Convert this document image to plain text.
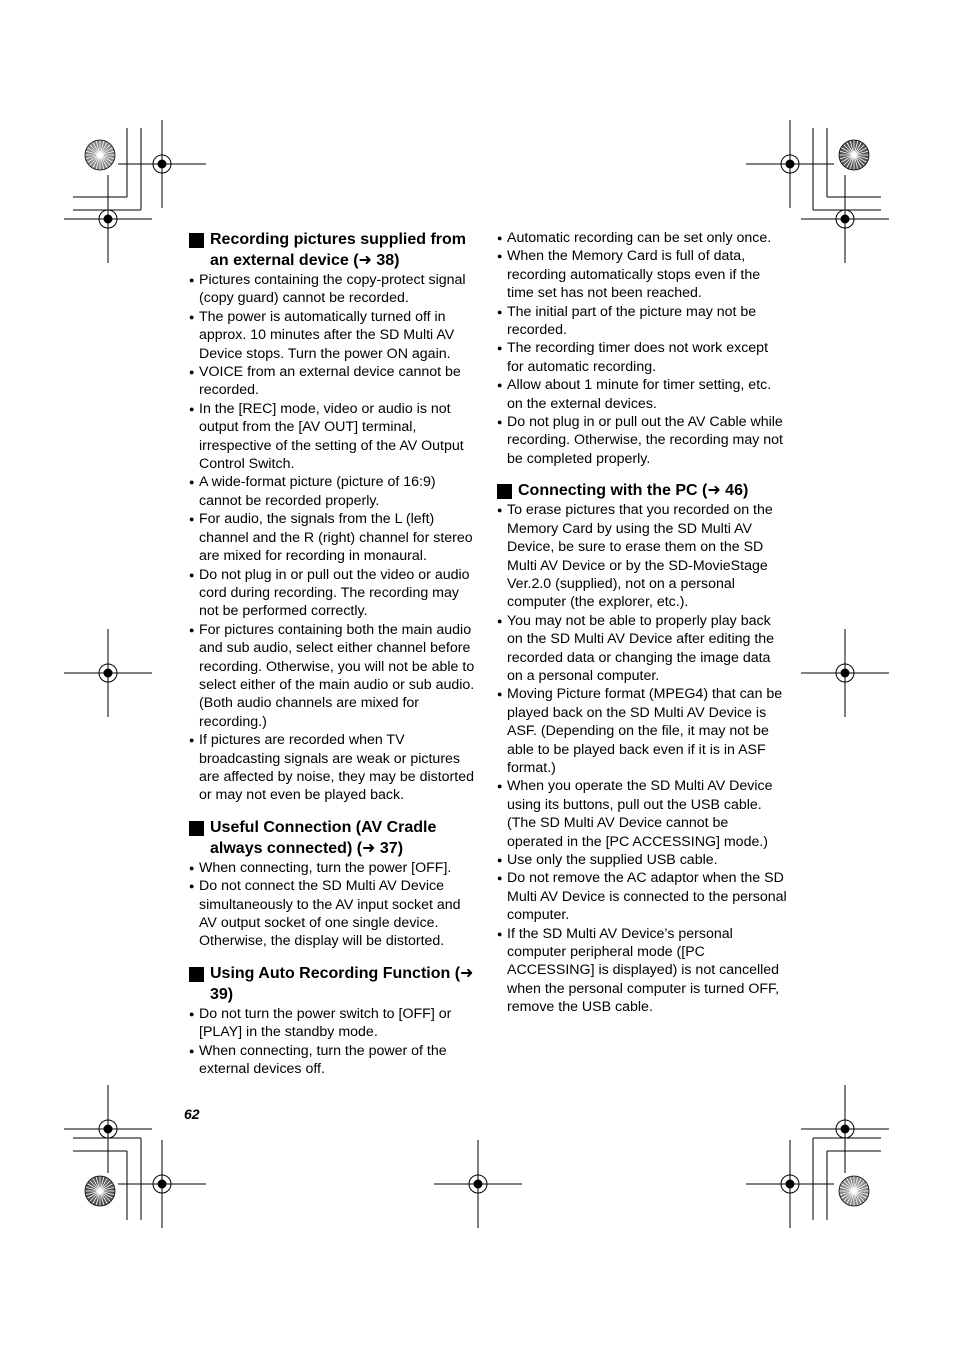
Recording pictures supplied from an external device (➜ 38)
● Pictures containing the copy-protect signal (copy guard) cannot be recorded.
● The power is automatically turned off in approx. 10 minutes after the SD Multi AV Device stops. Turn the power ON again.
● VOICE from an external device cannot be recorded.
● In the [REC] mode, video or audio is not output from the [AV OUT] terminal, irrespective of the setting of the AV Output Control Switch.
● A wide-format picture (picture of 16:9) cannot be recorded properly.
● For audio, the signals from the L (left) channel and the R (right) channel for stereo are mixed for recording in monaural.
● Do not plug in or pull out the video or audio cord during recording. The recording may not be performed correctly.
● For pictures containing both the main audio and sub audio, select either channel before recording. Otherwise, you will not be able to select either of the main audio or sub audio. (Both audio channels are mixed for recording.)
● If pictures are recorded when TV broadcasting signals are weak or pictures are affected by noise, they may be distorted or may not even be played back.
Useful Connection (AV Cradle always connected) (➜ 37)
● When connecting, turn the power [OFF].
● Do not connect the SD Multi AV Device simultaneously to the AV input socket and AV output socket of one single device. Otherwise, the display will be distorted.
Using Auto Recording Function (➜ 39)
● Do not turn the power switch to [OFF] or [PLAY] in the standby mode.
● When connecting, turn the power of the external devices off.
● Automatic recording can be set only once.
● When the Memory Card is full of data, recording automatically stops even if the time set has not been reached.
● The initial part of the picture may not be recorded.
● The recording timer does not work except for automatic recording.
● Allow about 1 minute for timer setting, etc. on the external devices.
● Do not plug in or pull out the AV Cable while recording. Otherwise, the recording may not be completed properly.
Connecting with the PC (➜ 46)
● To erase pictures that you recorded on the Memory Card by using the SD Multi AV Device, be sure to erase them on the SD Multi AV Device or by the SD-MovieStage Ver.2.0 (supplied), not on a personal computer (the explorer, etc.).
● You may not be able to properly play back on the SD Multi AV Device after editing the recorded data or changing the image data on a personal computer.
● Moving Picture format (MPEG4) that can be played back on the SD Multi AV Device is ASF. (Depending on the file, it may not be able to be played back even if it is in ASF format.)
● When you operate the SD Multi AV Device using its buttons, pull out the USB cable. (The SD Multi AV Device cannot be operated in the [PC ACCESSING] mode.)
● Use only the supplied USB cable.
● Do not remove the AC adaptor when the SD Multi AV Device is connected to the personal computer.
● If the SD Multi AV Device’s personal computer peripheral mode ([PC ACCESSING] is displayed) is not cancelled when the personal computer is turned OFF, remove the USB cable.
62
